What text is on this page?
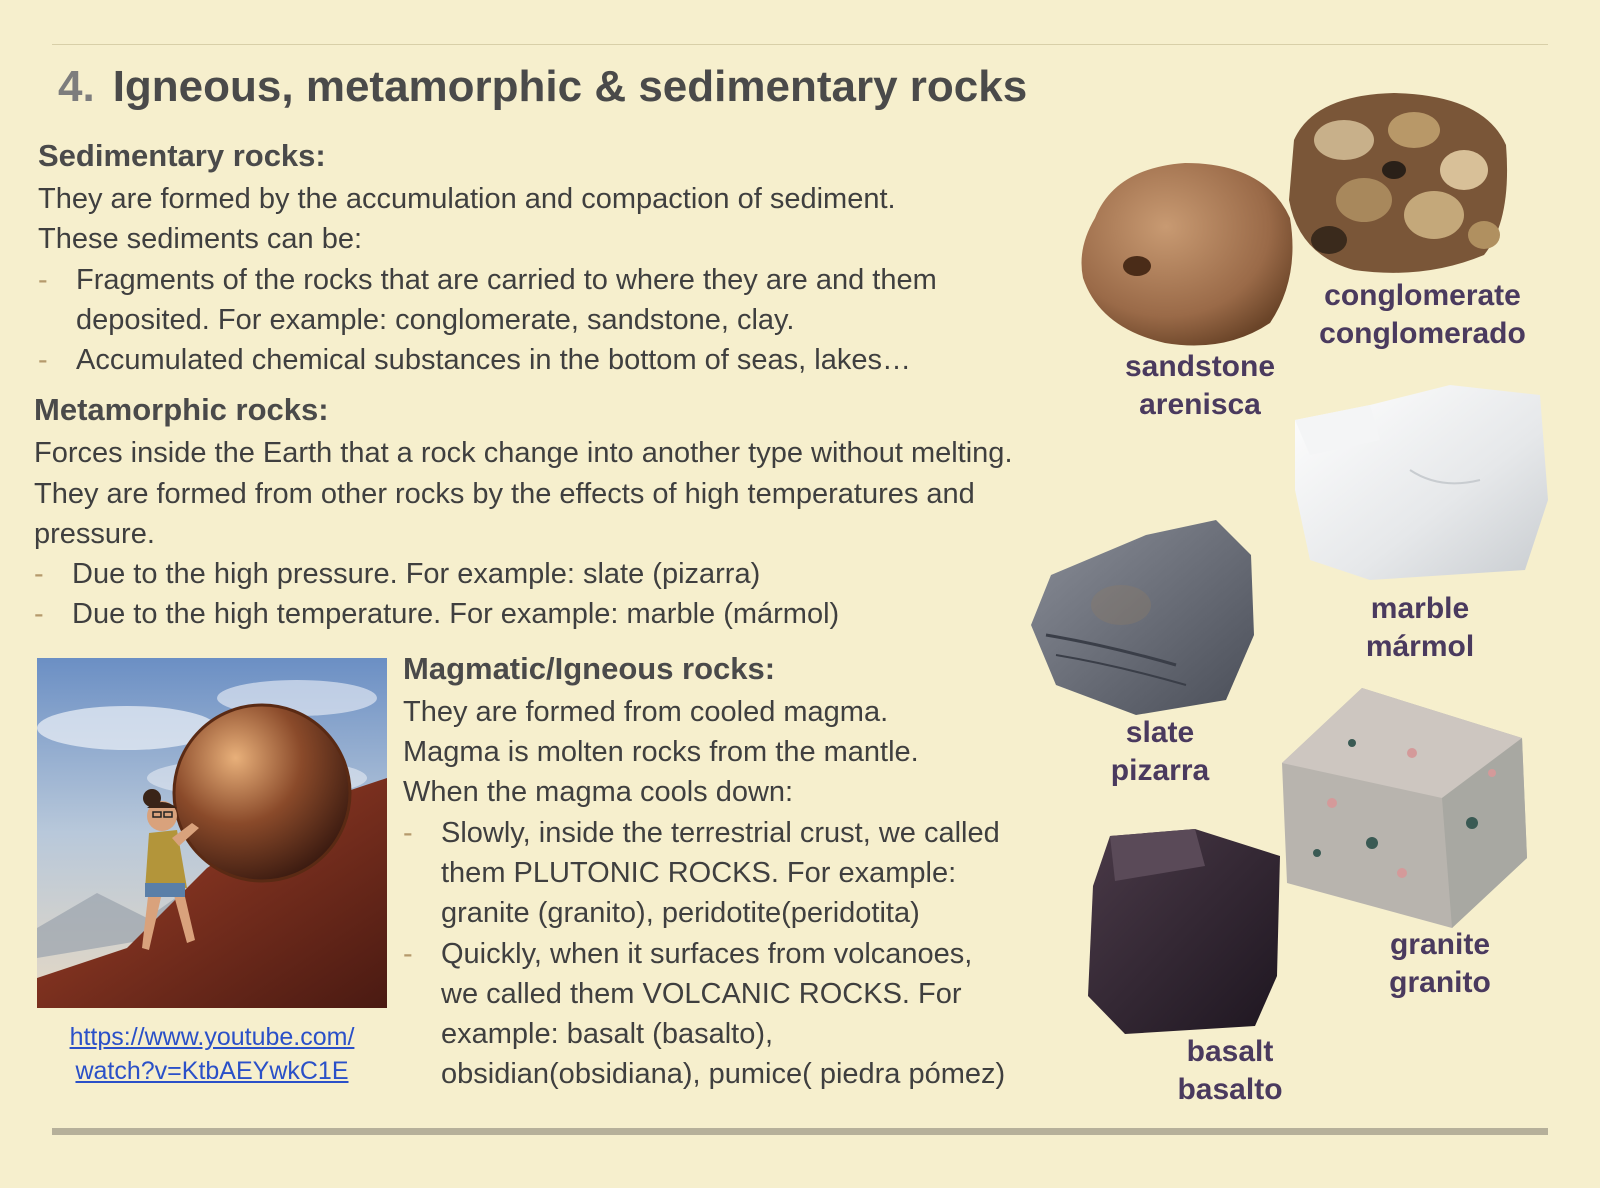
4. Igneous, metamorphic & sedimentary rocks
Sedimentary rocks:
They are formed by the accumulation and compaction of sediment.
These sediments can be:
- Fragments of the rocks that are carried to where they are and them
deposited. For example: conglomerate, sandstone, clay.
- Accumulated chemical substances in the bottom of seas, lakes…
Metamorphic rocks:
Forces inside the Earth that a rock change into another type without melting.
They are formed from other rocks by the effects of high temperatures and
pressure.
- Due to the high pressure. For example: slate (pizarra)
- Due to the high temperature. For example: marble (mármol)
https://www.youtube.com/
watch?v=KtbAEYwkC1E
Magmatic/Igneous rocks:
They are formed from cooled magma.
Magma is molten rocks from the mantle.
When the magma cools down:
- Slowly, inside the terrestrial crust, we called
them PLUTONIC ROCKS. For example:
granite (granito), peridotite(peridotita)
- Quickly, when it surfaces from volcanoes,
we called them VOLCANIC ROCKS. For
example: basalt (basalto),
obsidian(obsidiana), pumice( piedra pómez)
sandstone
arenisca
conglomerate
conglomerado
marble
mármol
slate
pizarra
granite
granito
basalt
basalto
